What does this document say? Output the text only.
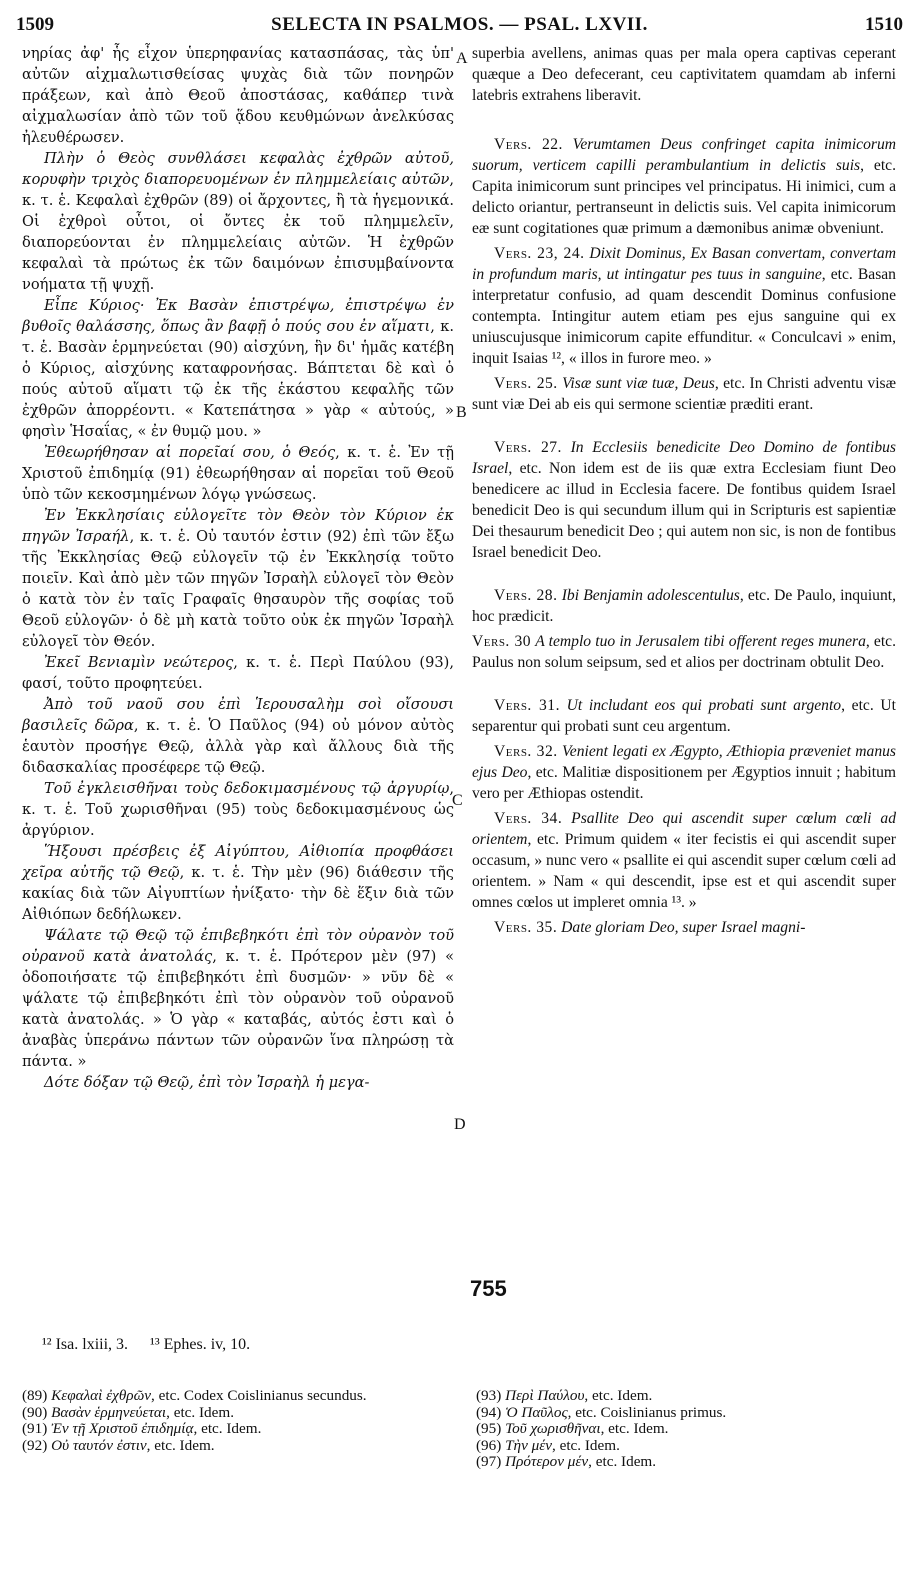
1509	SELECTA IN PSALMOS. — PSAL. LXVII.	1510

νηρίας ἀφ' ἧς εἶχον ὑπερηφανίας κατασπάσας, τὰς ὑπ' αὐτῶν αἰχμαλωτισθείσας ψυχὰς διὰ τῶν πονηρῶν πράξεων, καὶ ἀπὸ Θεοῦ ἀποστάσας, καθάπερ τινὰ αἰχμαλωσίαν ἀπὸ τῶν τοῦ ᾅδου κευθμώνων ἀνελκύσας ἠλευθέρωσεν.

Πλὴν ὁ Θεὸς συνθλάσει κεφαλὰς ἐχθρῶν αὐτοῦ, κορυφὴν τριχὸς διαπορευομένων ἐν πλημμελείαις αὐτῶν, κ. τ. ἑ. Κεφαλαὶ ἐχθρῶν (89) οἱ ἄρχοντες, ἢ τὰ ἡγεμονικά. Οἱ ἐχθροὶ οὗτοι, οἱ ὄντες ἐκ τοῦ πλημμελεῖν, διαπορεύονται ἐν πλημμελείαις αὐτῶν. Ἡ ἐχθρῶν κεφαλαὶ τὰ πρώτως ἐκ τῶν δαιμόνων ἐπισυμβαίνοντα νοήματα τῇ ψυχῇ.

Εἶπε Κύριος· Ἐκ Βασὰν ἐπιστρέψω, ἐπιστρέψω ἐν βυθοῖς θαλάσσης, ὅπως ἂν βαφῇ ὁ πούς σου ἐν αἵματι, κ. τ. ἑ. Βασὰν ἑρμηνεύεται (90) αἰσχύνη, ἣν δι' ἡμᾶς κατέβη ὁ Κύριος, αἰσχύνης καταφρονήσας. Βάπτεται δὲ καὶ ὁ πούς αὐτοῦ αἵματι τῷ ἐκ τῆς ἑκάστου κεφαλῆς τῶν ἐχθρῶν ἀπορρέοντι. « Κατεπάτησα » γὰρ « αὐτούς, » φησὶν Ἡσαΐας, « ἐν θυμῷ μου. »

Ἐθεωρήθησαν αἱ πορεῖαί σου, ὁ Θεός, κ. τ. ἑ. Ἐν τῇ Χριστοῦ ἐπιδημίᾳ (91) ἐθεωρήθησαν αἱ πορεῖαι τοῦ Θεοῦ ὑπὸ τῶν κεκοσμημένων λόγῳ γνώσεως.

Ἐν Ἐκκλησίαις εὐλογεῖτε τὸν Θεὸν τὸν Κύριον ἐκ πηγῶν Ἰσραήλ, κ. τ. ἑ. Οὐ ταυτόν ἐστιν (92) ἐπὶ τῶν ἔξω τῆς Ἐκκλησίας Θεῷ εὐλογεῖν τῷ ἐν Ἐκκλησίᾳ τοῦτο ποιεῖν. Καὶ ἀπὸ μὲν τῶν πηγῶν Ἰσραὴλ εὐλογεῖ τὸν Θεὸν ὁ κατὰ τὸν ἐν ταῖς Γραφαῖς θησαυρὸν τῆς σοφίας τοῦ Θεοῦ εὐλογῶν· ὁ δὲ μὴ κατὰ τοῦτο οὐκ ἐκ πηγῶν Ἰσραὴλ εὐλογεῖ τὸν Θεόν.

Ἐκεῖ Βενιαμὶν νεώτερος, κ. τ. ἑ. Περὶ Παύλου (93), φασί, τοῦτο προφητεύει.

Ἀπὸ τοῦ ναοῦ σου ἐπὶ Ἱερουσαλὴμ σοὶ οἴσουσι βασιλεῖς δῶρα, κ. τ. ἑ. Ὁ Παῦλος (94) οὐ μόνον αὐτὸς ἑαυτὸν προσήγε Θεῷ, ἀλλὰ γὰρ καὶ ἄλλους διὰ τῆς διδασκαλίας προσέφερε τῷ Θεῷ.

Τοῦ ἐγκλεισθῆναι τοὺς δεδοκιμασμένους τῷ ἀργυρίῳ, κ. τ. ἑ. Τοῦ χωρισθῆναι (95) τοὺς δεδοκιμασμένους ὡς ἀργύριον.

Ἥξουσι πρέσβεις ἐξ Αἰγύπτου, Αἰθιοπία προφθάσει χεῖρα αὐτῆς τῷ Θεῷ, κ. τ. ἑ. Τὴν μὲν (96) διάθεσιν τῆς κακίας διὰ τῶν Αἰγυπτίων ἠνίξατο· τὴν δὲ ἕξιν διὰ τῶν Αἰθιόπων δεδήλωκεν.

Ψάλατε τῷ Θεῷ τῷ ἐπιβεβηκότι ἐπὶ τὸν οὐρανὸν τοῦ οὐρανοῦ κατὰ ἀνατολάς, κ. τ. ἑ. Πρότερον μὲν (97) « ὁδοποιήσατε τῷ ἐπιβεβηκότι ἐπὶ δυσμῶν· » νῦν δὲ « ψάλατε τῷ ἐπιβεβηκότι ἐπὶ τὸν οὐρανὸν τοῦ οὐρανοῦ κατὰ ἀνατολάς. » Ὁ γὰρ « καταβάς, αὐτός ἐστι καὶ ὁ ἀναβὰς ὑπεράνω πάντων τῶν οὐρανῶν ἵνα πληρώσῃ τὰ πάντα. »

Δότε δόξαν τῷ Θεῷ, ἐπὶ τὸν Ἰσραὴλ ἡ μεγα-

A
B
C
D

superbia avellens, animas quas per mala opera captivas ceperant quæque a Deo defecerant, ceu captivitatem quamdam ab inferni latebris extrahens liberavit.

Vers. 22. Verumtamen Deus confringet capita inimicorum suorum, verticem capilli perambulantium in delictis suis, etc. Capita inimicorum sunt principes vel principatus. Hi inimici, cum a delicto oriantur, pertranseunt in delictis suis. Vel capita inimicorum eæ sunt cogitationes quæ primum a dæmonibus animæ obveniunt.

Vers. 23, 24. Dixit Dominus, Ex Basan convertam, convertam in profundum maris, ut intingatur pes tuus in sanguine, etc. Basan interpretatur confusio, ad quam descendit Dominus confusione contempta. Intingitur autem etiam pes ejus sanguine qui ex uniuscujusque inimicorum capite effunditur. « Conculcavi » enim, inquit Isaias ¹², « illos in furore meo. »

Vers. 25. Visæ sunt viæ tuæ, Deus, etc. In Christi adventu visæ sunt viæ Dei ab eis qui sermone scientiæ præditi erant.

Vers. 27. In Ecclesiis benedicite Deo Domino de fontibus Israel, etc. Non idem est de iis quæ extra Ecclesiam fiunt Deo benedicere ac illud in Ecclesia facere. De fontibus quidem Israel benedicit Deo is qui secundum illum qui in Scripturis est sapientiæ Dei thesaurum benedicit Deo ; qui autem non sic, is non de fontibus Israel benedicit Deo.

Vers. 28. Ibi Benjamin adolescentulus, etc. De Paulo, inquiunt, hoc prædicit.

Vers. 30 A templo tuo in Jerusalem tibi offerent reges munera, etc. Paulus non solum seipsum, sed et alios per doctrinam obtulit Deo.

Vers. 31. Ut includant eos qui probati sunt argento, etc. Ut separentur qui probati sunt ceu argentum.

Vers. 32. Venient legati ex Ægypto, Æthiopia præveniet manus ejus Deo, etc. Malitiæ dispositionem per Ægyptios innuit ; habitum vero per Æthiopas ostendit.

Vers. 34. Psallite Deo qui ascendit super cœlum cœli ad orientem, etc. Primum quidem « iter fecistis ei qui ascendit super occasum, » nunc vero « psallite ei qui ascendit super cœlum cœli ad orientem. » Nam « qui descendit, ipse est et qui ascendit super omnes cœlos ut impleret omnia ¹³. »

Vers. 35. Date gloriam Deo, super Israel magni-

755
¹² Isa. lxiii, 3. ¹³ Ephes. iv, 10.
(89) Κεφαλαὶ ἐχθρῶν, etc. Codex Coislinianus secundus.
(90) Βασὰν ἑρμηνεύεται, etc. Idem.
(91) Ἐν τῇ Χριστοῦ ἐπιδημίᾳ, etc. Idem.
(92) Οὐ ταυτόν ἐστιν, etc. Idem.
(93) Περὶ Παύλου, etc. Idem.
(94) Ὁ Παῦλος, etc. Coislinianus primus.
(95) Τοῦ χωρισθῆναι, etc. Idem.
(96) Τὴν μέν, etc. Idem.
(97) Πρότερον μέν, etc. Idem.
